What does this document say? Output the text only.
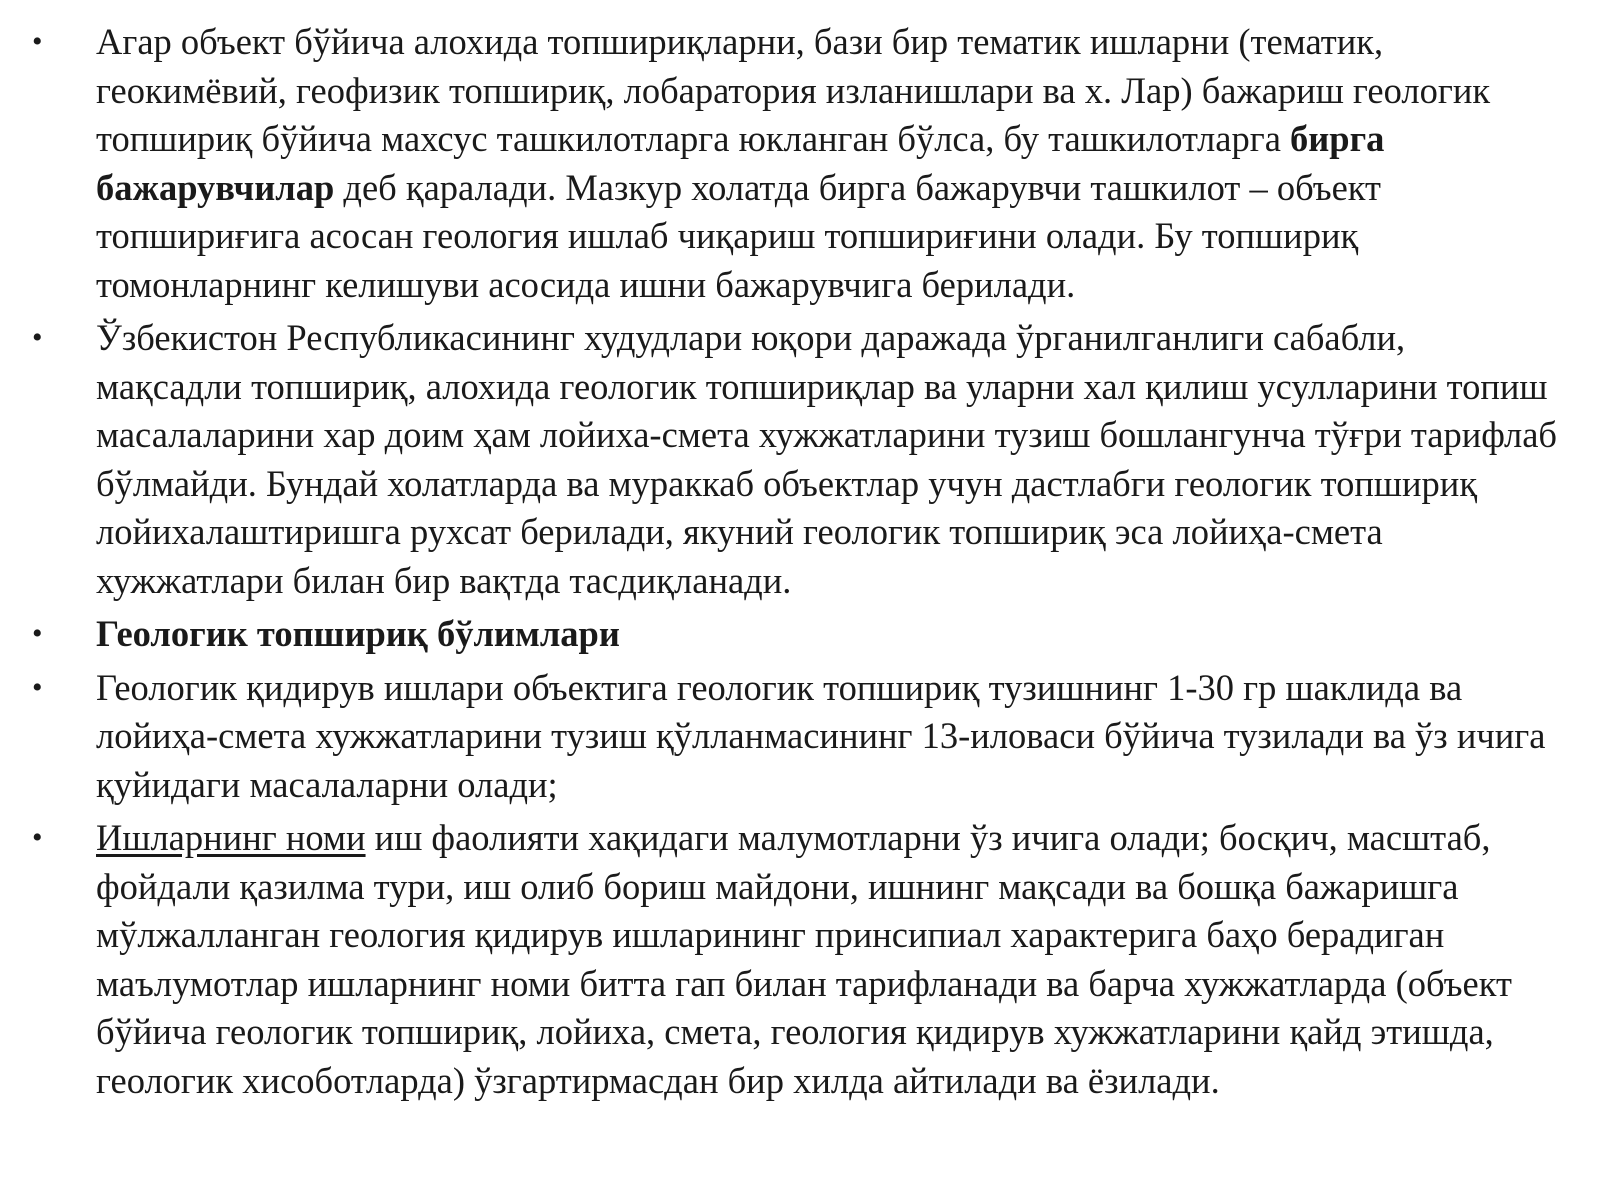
• Агар объект бўйича алохида топшириқларни, бази бир тематик ишларни (тематик, геокимёвий, геофизик топшириқ, лобаратория изланишлари ва х. Лар) бажариш геологик топшириқ бўйича махсус ташкилотларга юкланган бўлса, бу ташкилотларга бирга бажарувчилар деб қаралади. Мазкур холатда бирга бажарувчи ташкилот – объект топшириғига асосан геология ишлаб чиқариш топшириғини олади. Бу топшириқ томонларнинг келишуви асосида ишни бажарувчига берилади.
• Ўзбекистон Республикасининг худудлари юқори даражада ўрганилганлиги сабабли, мақсадли топшириқ, алохида геологик топшириқлар ва уларни хал қилиш усулларини топиш масалаларини хар доим ҳам лойиха-смета хужжатларини тузиш бошлангунча тўғри тарифлаб бўлмайди. Бундай холатларда ва мураккаб объектлар учун дастлабги геологик топшириқ лойихалаштиришга рухсат берилади, якуний геологик топшириқ эса лойиҳа-смета хужжатлари билан бир вақтда тасдиқланади.
• Геологик топшириқ бўлимлари
• Геологик қидирув ишлари объектига геологик топшириқ тузишнинг 1-30 гр шаклида ва лойиҳа-смета хужжатларини тузиш қўлланмасининг 13-иловаси бўйича тузилади ва ўз ичига қуйидаги масалаларни олади;
• Ишларнинг номи иш фаолияти хақидаги малумотларни ўз ичига олади; босқич, масштаб, фойдали қазилма тури, иш олиб бориш майдони, ишнинг мақсади ва бошқа бажаришга мўлжалланган геология қидирув ишларининг принсипиал характерига баҳо берадиган маълумотлар ишларнинг номи битта гап билан тарифланади ва барча хужжатларда (объект бўйича геологик топшириқ, лойиха, смета, геология қидирув хужжатларини қайд этишда, геологик хисоботларда) ўзгартирмасдан бир хилда айтилади ва ёзилади.
